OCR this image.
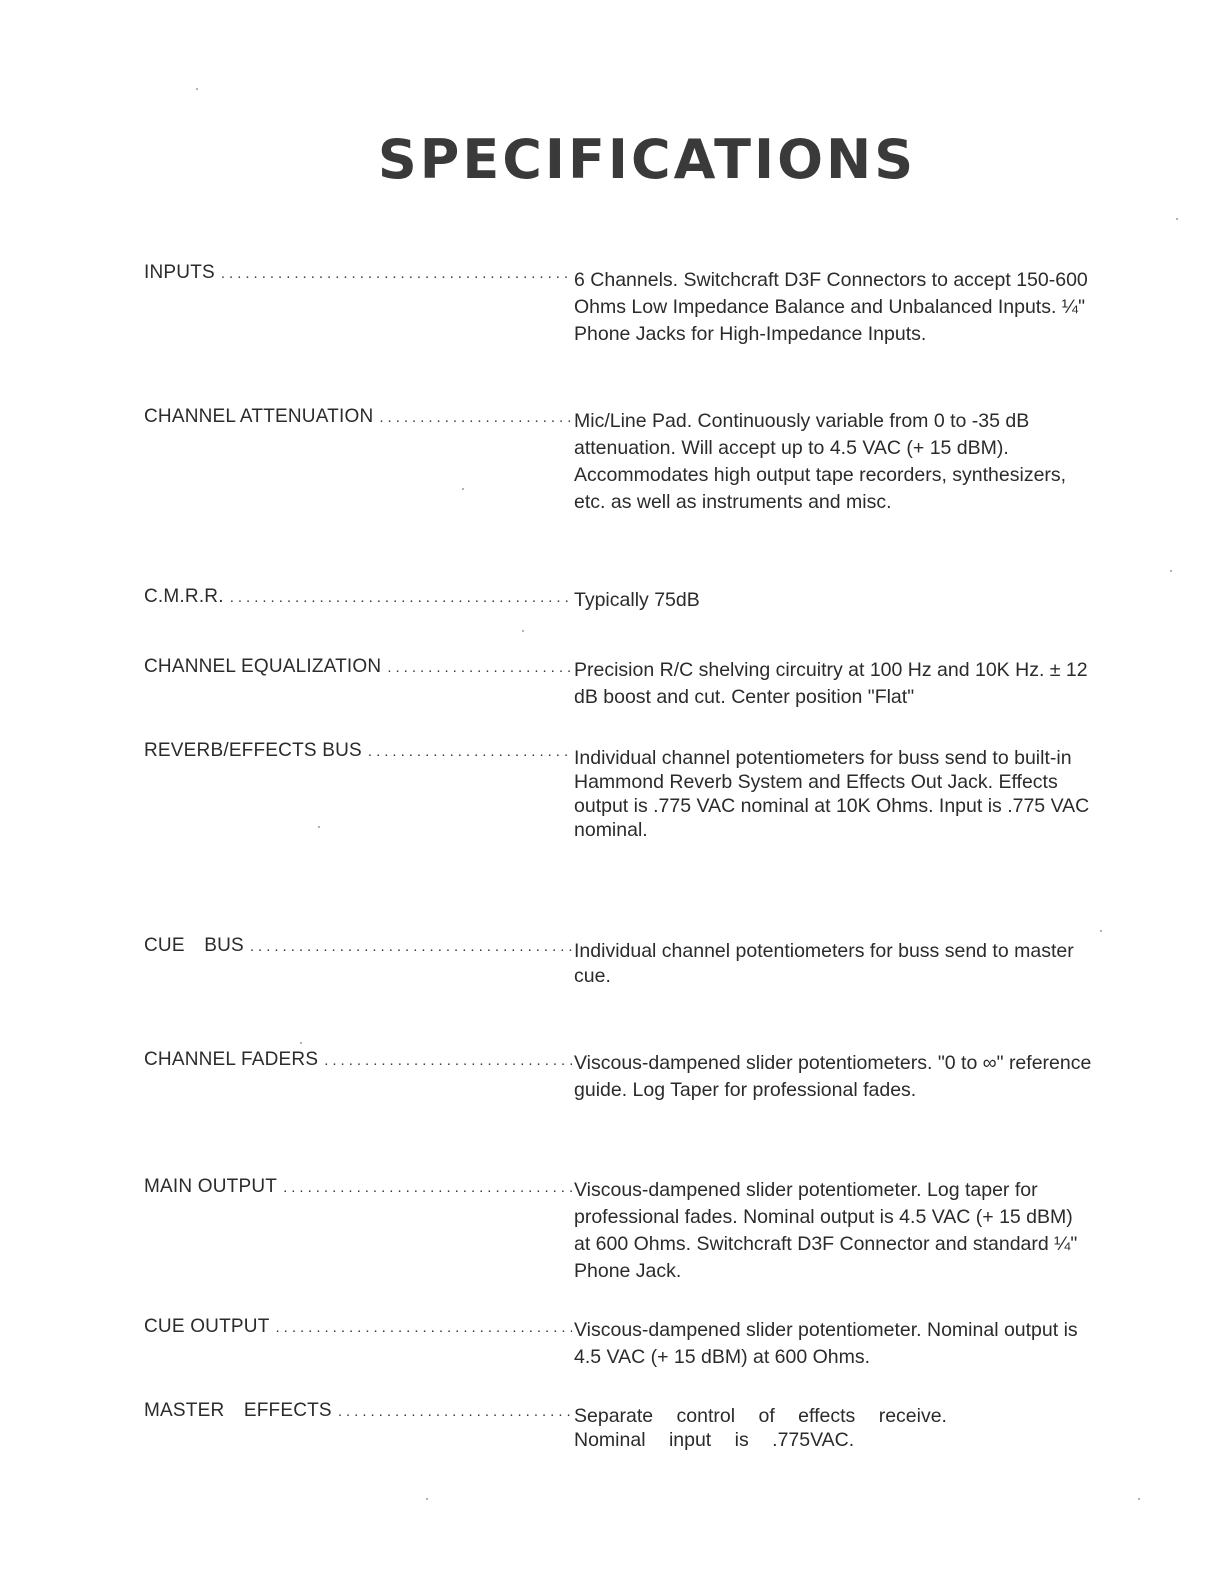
SPECIFICATIONS
INPUTS .....	6 Channels. Switchcraft D3F Connectors to accept 150-600 Ohms Low Impedance Balance and Unbalanced Inputs. ¼" Phone Jacks for High-Impedance Inputs.

CHANNEL ATTENUATION .....	Mic/Line Pad. Continuously variable from 0 to -35 dB attenuation. Will accept up to 4.5 VAC (+ 15 dBM). Accommodates high output tape recorders, synthesizers, etc. as well as instruments and misc.

C.M.R.R. .....	Typically 75dB

CHANNEL EQUALIZATION .....	Precision R/C shelving circuitry at 100 Hz and 10K Hz. ± 12 dB boost and cut. Center position "Flat"

REVERB/EFFECTS BUS .....	Individual channel potentiometers for buss send to built-in Hammond Reverb System and Effects Out Jack. Effects output is .775 VAC nominal at 10K Ohms. Input is .775 VAC nominal.

CUE BUS .....	Individual channel potentiometers for buss send to master cue.

CHANNEL FADERS .....	Viscous-dampened slider potentiometers. "0 to ∞" reference guide. Log Taper for professional fades.

MAIN OUTPUT .....	Viscous-dampened slider potentiometer. Log taper for professional fades. Nominal output is 4.5 VAC (+ 15 dBM) at 600 Ohms. Switchcraft D3F Connector and standard ¼" Phone Jack.

CUE OUTPUT .....	Viscous-dampened slider potentiometer. Nominal output is 4.5 VAC (+ 15 dBM) at 600 Ohms.

MASTER EFFECTS .....	Separate control of effects receive. Nominal input is .775VAC.
